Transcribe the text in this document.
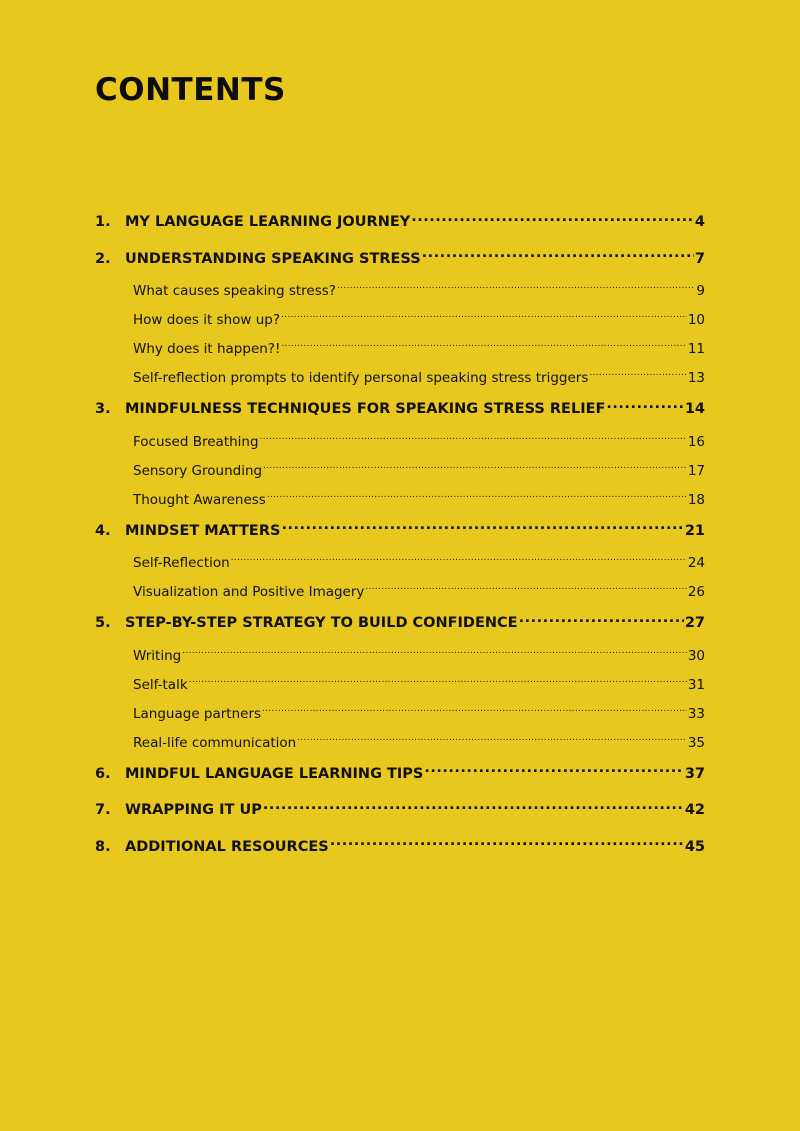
CONTENTS
1. MY LANGUAGE LEARNING JOURNEY .....	4
2. UNDERSTANDING SPEAKING STRESS .....	7
What causes speaking stress? .....	9
How does it show up? .....	10
Why does it happen?! .....	11
Self-reflection prompts to identify personal speaking stress triggers .....	13
3. MINDFULNESS TECHNIQUES FOR SPEAKING STRESS RELIEF .....	14
Focused Breathing .....	16
Sensory Grounding .....	17
Thought Awareness .....	18
4. MINDSET MATTERS .....	21
Self-Reflection .....	24
Visualization and Positive Imagery .....	26
5. STEP-BY-STEP STRATEGY TO BUILD CONFIDENCE .....	27
Writing .....	30
Self-talk .....	31
Language partners .....	33
Real-life communication .....	35
6. MINDFUL LANGUAGE LEARNING TIPS .....	37
7. WRAPPING IT UP .....	42
8. ADDITIONAL RESOURCES .....	45
